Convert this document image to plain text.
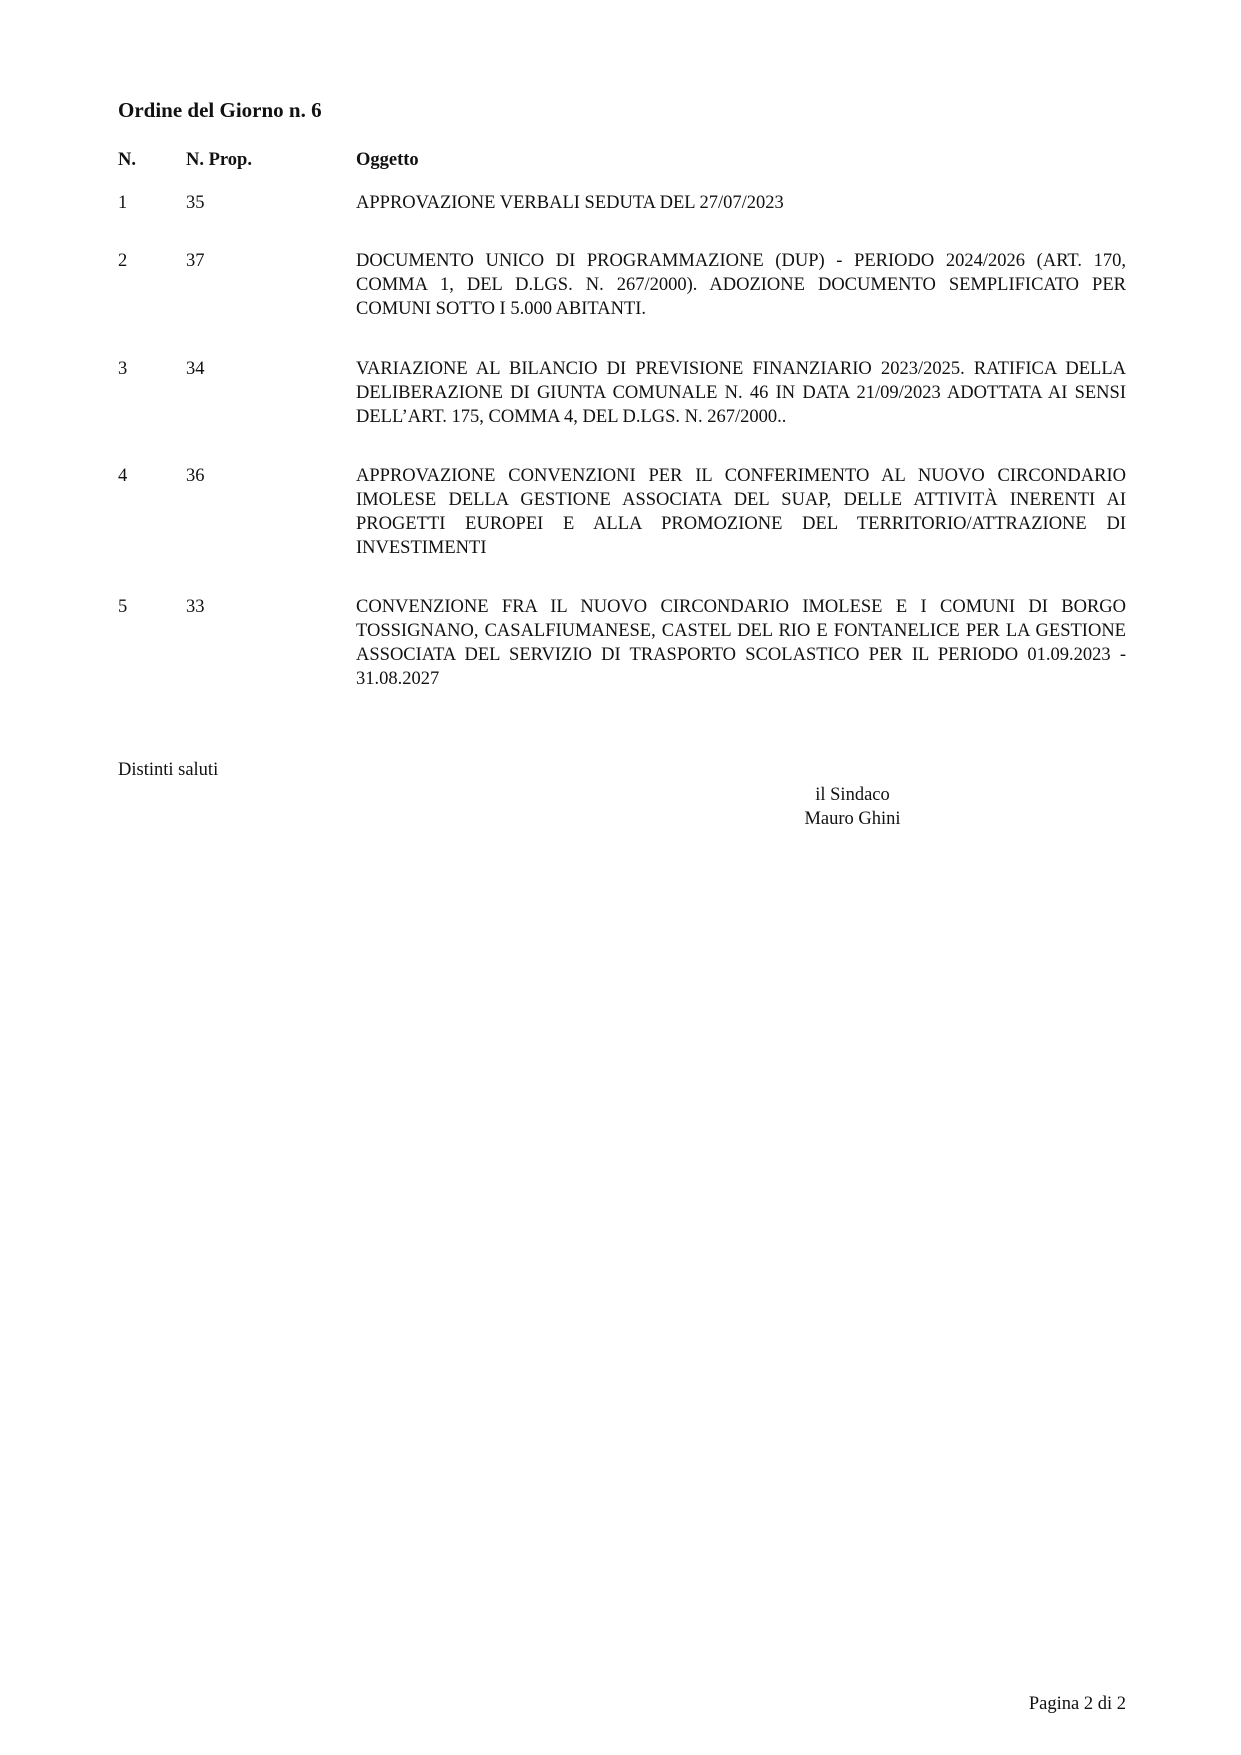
Ordine del Giorno n. 6
N.	N. Prop.	Oggetto
1	35	APPROVAZIONE VERBALI SEDUTA DEL 27/07/2023
2	37	DOCUMENTO UNICO DI PROGRAMMAZIONE (DUP) - PERIODO 2024/2026 (ART. 170, COMMA 1, DEL D.LGS. N. 267/2000). ADOZIONE DOCUMENTO SEMPLIFICATO PER COMUNI SOTTO I 5.000 ABITANTI.
3	34	VARIAZIONE AL BILANCIO DI PREVISIONE FINANZIARIO 2023/2025. RATIFICA DELLA DELIBERAZIONE DI GIUNTA COMUNALE N. 46 IN DATA 21/09/2023 ADOTTATA AI SENSI DELL’ART. 175, COMMA 4, DEL D.LGS. N. 267/2000..
4	36	APPROVAZIONE CONVENZIONI PER IL CONFERIMENTO AL NUOVO CIRCONDARIO IMOLESE DELLA GESTIONE ASSOCIATA DEL SUAP, DELLE ATTIVITÀ INERENTI AI PROGETTI EUROPEI E ALLA PROMOZIONE DEL TERRITORIO/ATTRAZIONE DI INVESTIMENTI
5	33	CONVENZIONE FRA IL NUOVO CIRCONDARIO IMOLESE E I COMUNI DI BORGO TOSSIGNANO, CASALFIUMANESE, CASTEL DEL RIO E FONTANELICE PER LA GESTIONE ASSOCIATA DEL SERVIZIO DI TRASPORTO SCOLASTICO PER IL PERIODO 01.09.2023 - 31.08.2027
Distinti saluti
il Sindaco
Mauro Ghini
Pagina 2 di 2
